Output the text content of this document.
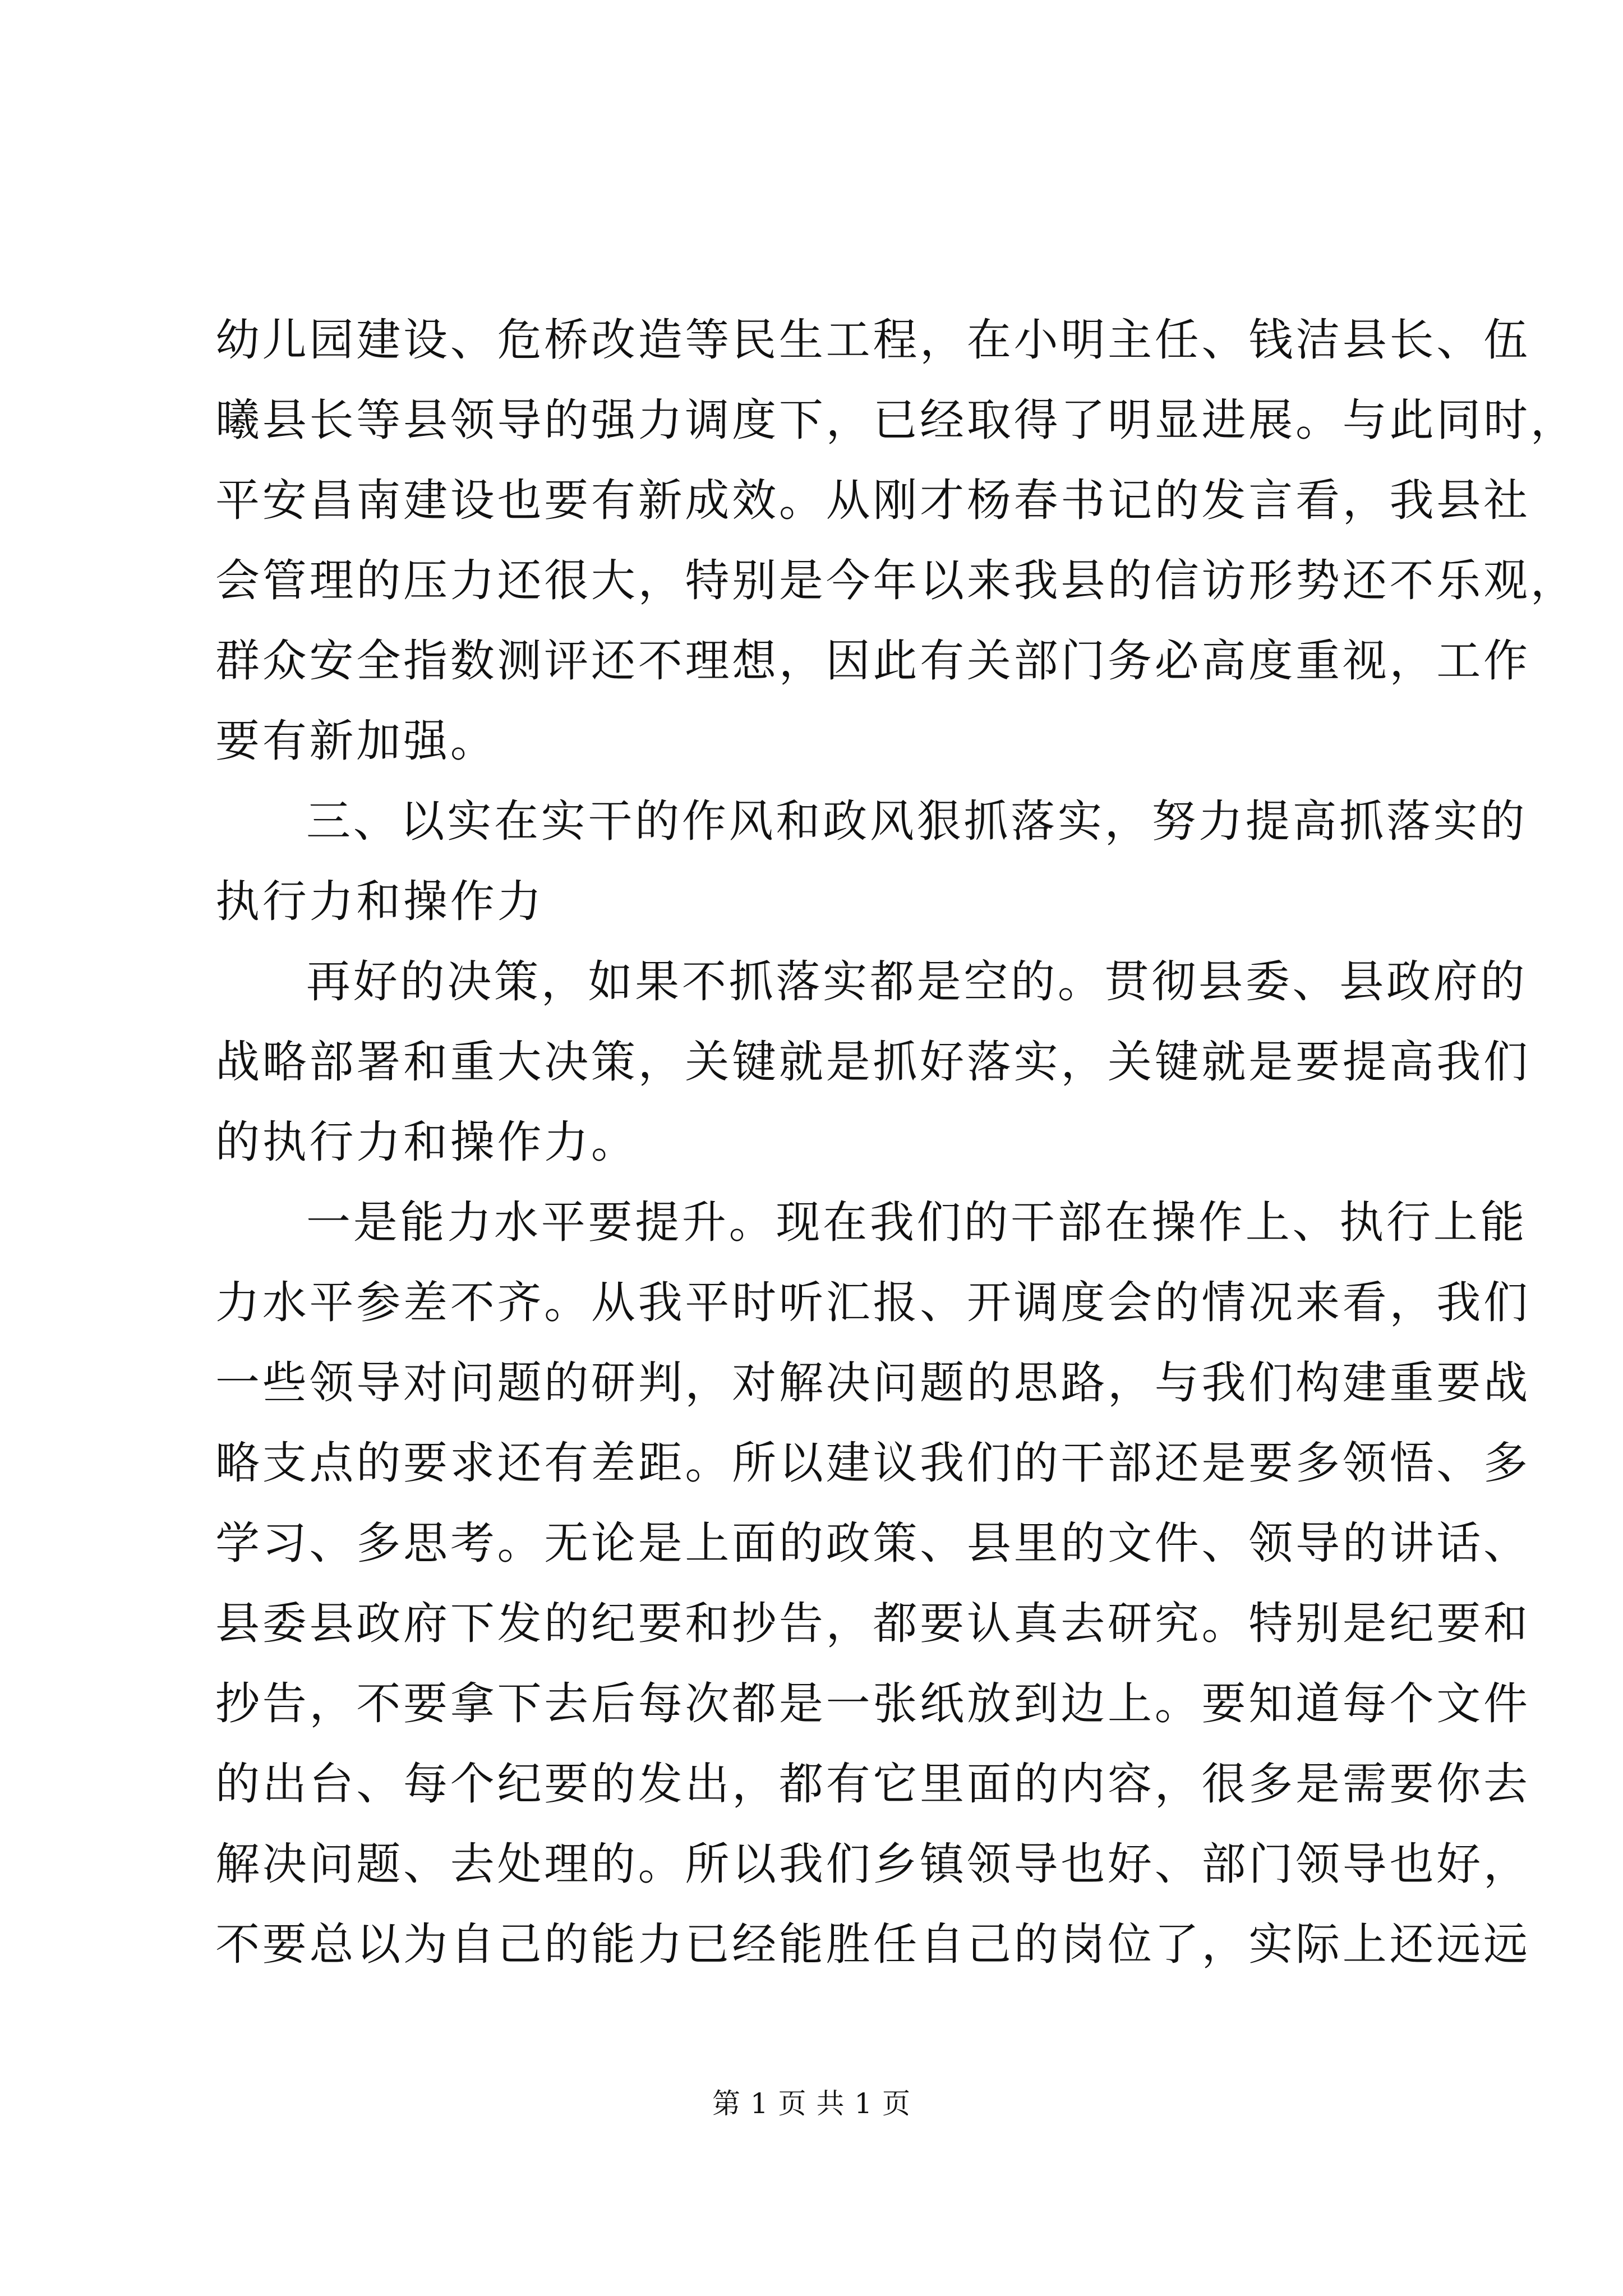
幼儿园建设、危桥改造等民生工程，在小明主任、钱洁县长、伍
曦县长等县领导的强力调度下，已经取得了明显进展。与此同时，
平安昌南建设也要有新成效。从刚才杨春书记的发言看，我县社
会管理的压力还很大，特别是今年以来我县的信访形势还不乐观，
群众安全指数测评还不理想，因此有关部门务必高度重视，工作
要有新加强。
三、以实在实干的作风和政风狠抓落实，努力提高抓落实的
执行力和操作力
再好的决策，如果不抓落实都是空的。贯彻县委、县政府的
战略部署和重大决策，关键就是抓好落实，关键就是要提高我们
的执行力和操作力。
一是能力水平要提升。现在我们的干部在操作上、执行上能
力水平参差不齐。从我平时听汇报、开调度会的情况来看，我们
一些领导对问题的研判，对解决问题的思路，与我们构建重要战
略支点的要求还有差距。所以建议我们的干部还是要多领悟、多
学习、多思考。无论是上面的政策、县里的文件、领导的讲话、
县委县政府下发的纪要和抄告，都要认真去研究。特别是纪要和
抄告，不要拿下去后每次都是一张纸放到边上。要知道每个文件
的出台、每个纪要的发出，都有它里面的内容，很多是需要你去
解决问题、去处理的。所以我们乡镇领导也好、部门领导也好，
不要总以为自己的能力已经能胜任自己的岗位了，实际上还远远
第 1 页 共 1 页
